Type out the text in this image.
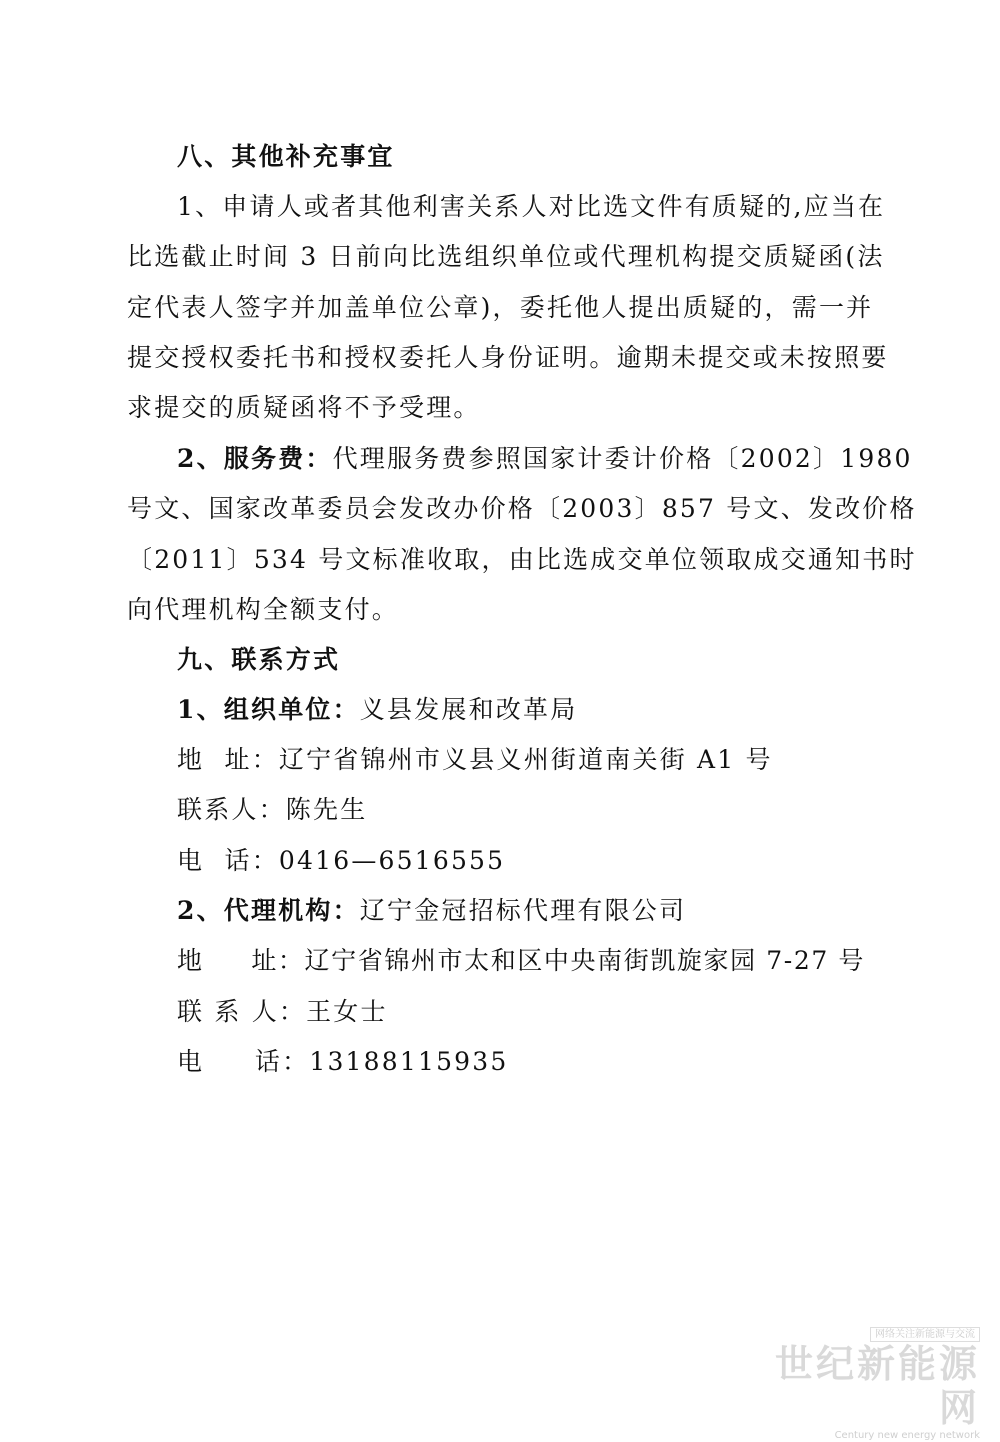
八、其他补充事宜
1、申请人或者其他利害关系人对比选文件有质疑的,应当在
比选截止时间 3 日前向比选组织单位或代理机构提交质疑函(法
定代表人签字并加盖单位公章)，委托他人提出质疑的，需一并
提交授权委托书和授权委托人身份证明。逾期未提交或未按照要
求提交的质疑函将不予受理。
2、服务费：代理服务费参照国家计委计价格〔2002〕1980
号文、国家改革委员会发改办价格〔2003〕857 号文、发改价格
〔2011〕534 号文标准收取，由比选成交单位领取成交通知书时
向代理机构全额支付。
九、联系方式
1、组织单位：义县发展和改革局
地  址：辽宁省锦州市义县义州街道南关街 A1 号
联系人：陈先生
电  话：0416—6516555
2、代理机构：辽宁金冠招标代理有限公司
地     址：辽宁省锦州市太和区中央南街凯旋家园 7-27 号
联 系 人：王女士
电     话：13188115935
网络关注新能源与交流
世纪新能源网
Century new energy network
